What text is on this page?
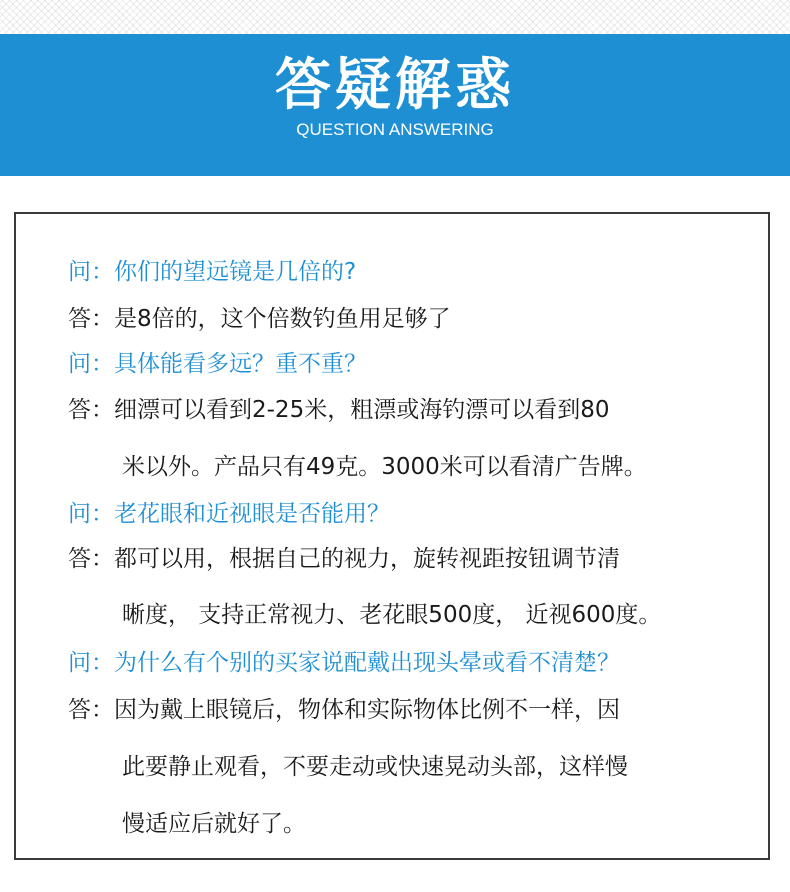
答疑解惑
QUESTION ANSWERING
问：你们的望远镜是几倍的?
答：是8倍的，这个倍数钓鱼用足够了
问：具体能看多远？重不重？
答：细漂可以看到2-25米，粗漂或海钓漂可以看到80
米以外。产品只有49克。3000米可以看清广告牌。
问：老花眼和近视眼是否能用？
答：都可以用，根据自己的视力，旋转视距按钮调节清
晰度， 支持正常视力、老花眼500度， 近视600度。
问：为什么有个别的买家说配戴出现头晕或看不清楚？
答：因为戴上眼镜后，物体和实际物体比例不一样，因
此要静止观看，不要走动或快速晃动头部，这样慢
慢适应后就好了。
